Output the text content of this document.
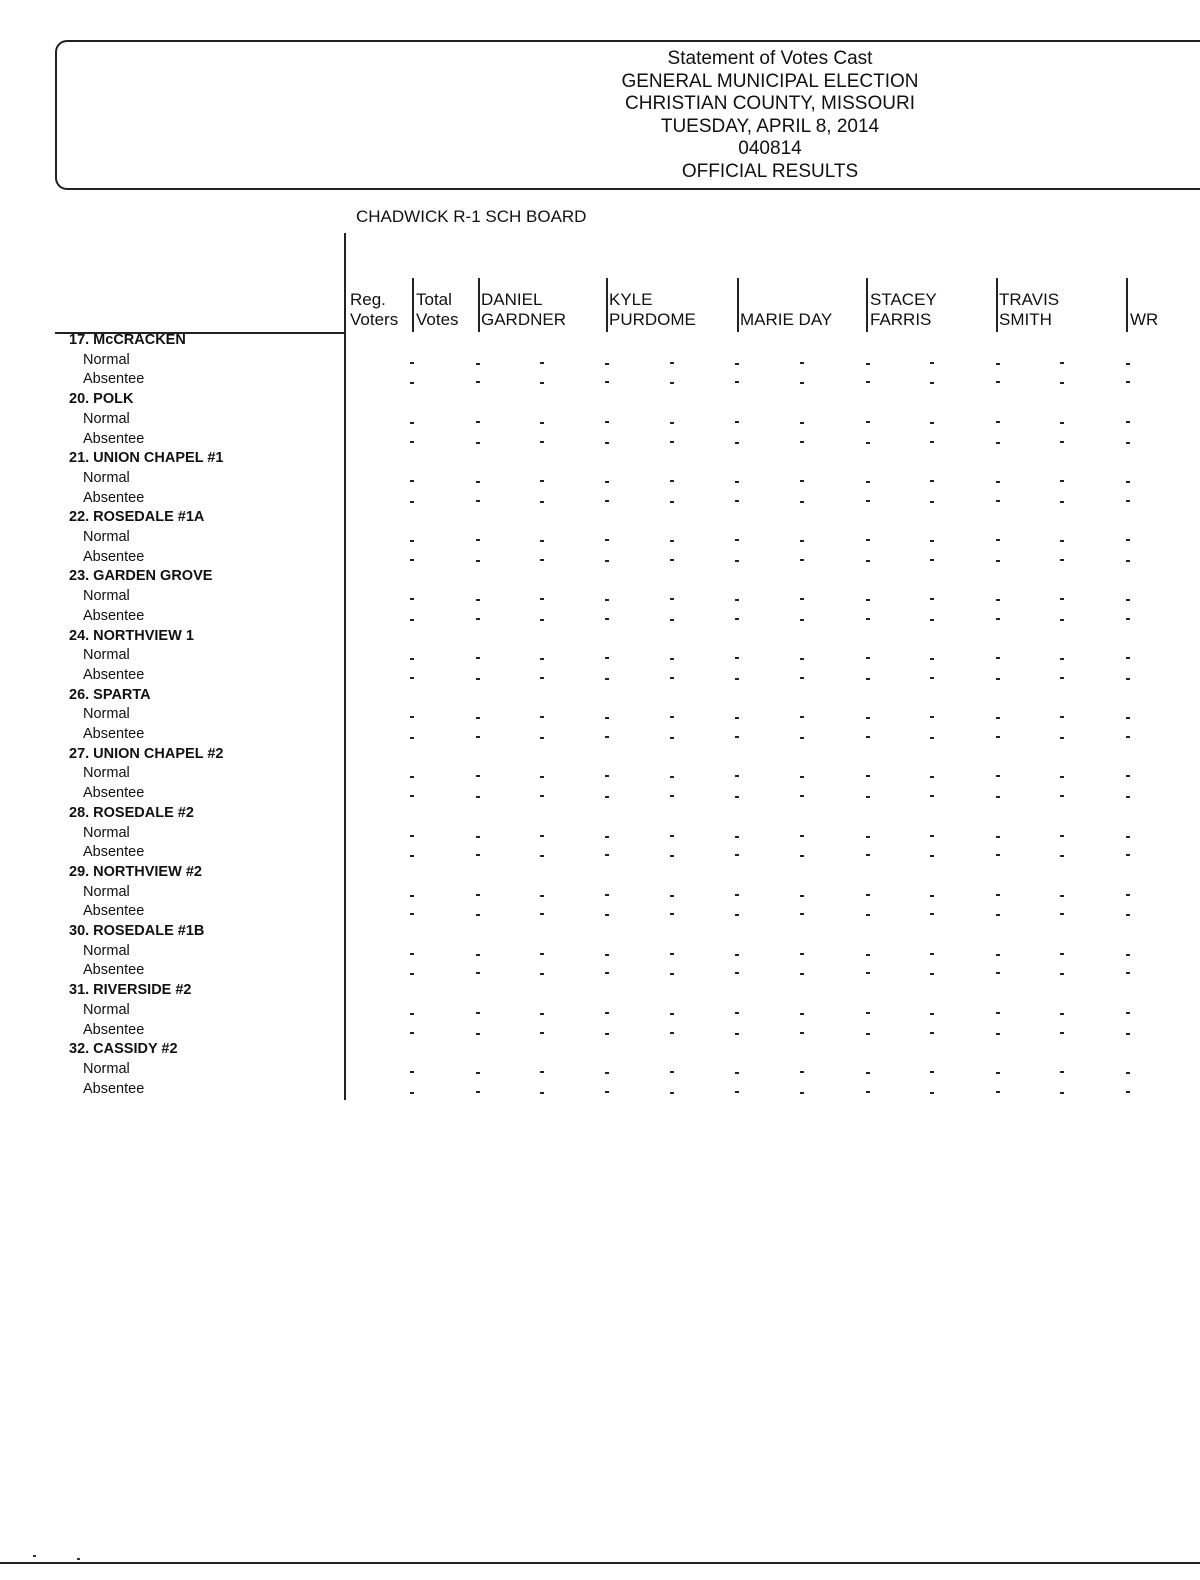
Statement of Votes Cast
GENERAL MUNICIPAL ELECTION
CHRISTIAN COUNTY, MISSOURI
TUESDAY, APRIL 8, 2014
040814
OFFICIAL RESULTS
CHADWICK R-1 SCH BOARD
Reg.
Voters
Total
Votes
DANIEL
GARDNER
KYLE
PURDOME
	MARIE DAY
STACEY
FARRIS
TRAVIS
SMITH
	WR
17. McCRACKEN
Normal
Absentee
20. POLK
Normal
Absentee
21. UNION CHAPEL #1
Normal
Absentee
22. ROSEDALE #1A
Normal
Absentee
23. GARDEN GROVE
Normal
Absentee
24. NORTHVIEW 1
Normal
Absentee
26. SPARTA
Normal
Absentee
27. UNION CHAPEL #2
Normal
Absentee
28. ROSEDALE #2
Normal
Absentee
29. NORTHVIEW #2
Normal
Absentee
30. ROSEDALE #1B
Normal
Absentee
31. RIVERSIDE #2
Normal
Absentee
32. CASSIDY #2
Normal
Absentee
